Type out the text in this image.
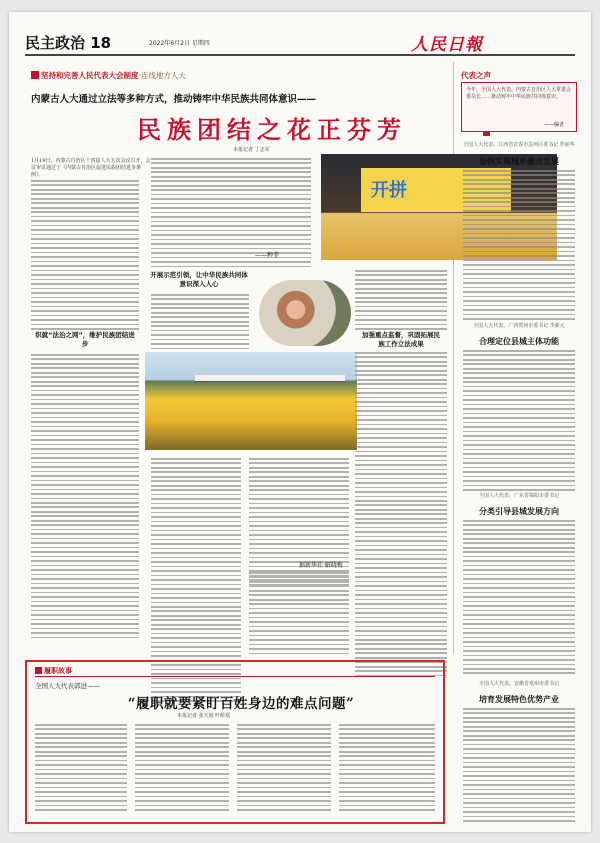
民主政治 18	2022年6月2日 星期四	人民日報
坚持和完善人民代表大会制度·连线地方人大
内蒙古人大通过立法等多种方式，推动铸牢中华民族共同体意识——
民族团结之花正芬芳
本报记者 丁志军
1月19日，内蒙古自治区十四届人大五次会议召开，会议审议通过了《内蒙古自治区促进民族团结进步条例》。
织就“法治之网”，维护民族团结进步
——种菲
开展示范引领，让中华民族共同体意识深入人心
开拼
加强重点监督，巩固拓展民族工作立法成果
据新华社·解晓梅
代表之声
今年，全国人大代表、内蒙古自治区人大常委会委员长……推动铸牢中华民族共同体意识。
——编者
全国人大代表、江西省宜春市袁州区委书记 罗丽华
加快实现城乡融合发展
全国人大代表、广西贺州市委书记 李新元
合理定位县城主体功能
全国人大代表、广东省揭阳市委书记
分类引导县城发展方向
全国人大代表、安徽省亳州市委书记
培育发展特色优势产业
履职故事
全国人大代表郭进——
“履职就要紧盯百姓身边的难点问题”
本报记者 张天姣 叶昕瑶
